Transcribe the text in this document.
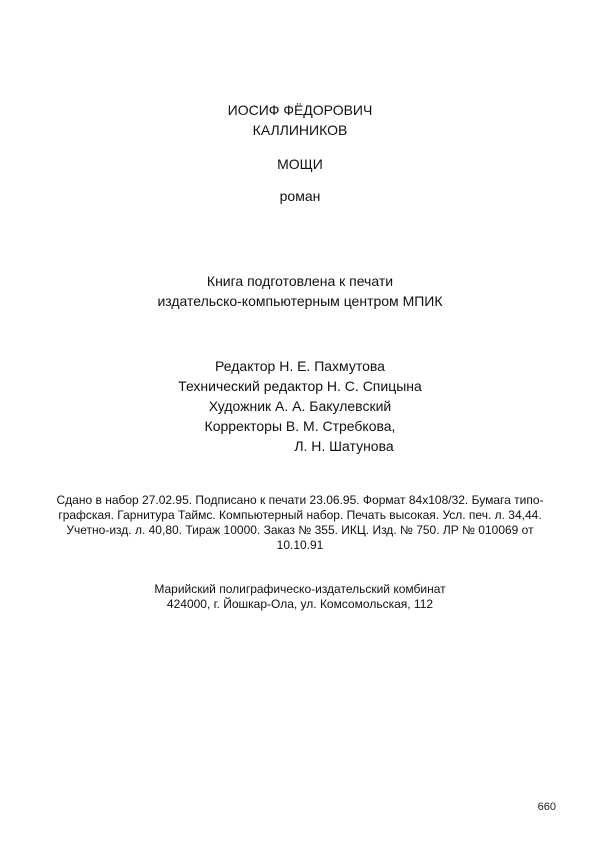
ИОСИФ ФЁДОРОВИЧ
КАЛЛИНИКОВ
МОЩИ
роман
Книга подготовлена к печати
издательско-компьютерным центром МПИК
Редактор Н. Е. Пахмутова
Технический редактор Н. С. Спицына
Художник А. А. Бакулевский
Корректоры В. М. Стребкова,
Л. Н. Шатунова
Сдано в набор 27.02.95. Подписано к печати 23.06.95. Формат 84х108/32. Бумага типо-
графская. Гарнитура Таймс. Компьютерный набор. Печать высокая. Усл. печ. л. 34,44.
Учетно-изд. л. 40,80. Тираж 10000. Заказ № 355. ИКЦ. Изд. № 750. ЛР № 010069 от
10.10.91
Марийский полиграфическо-издательский комбинат
424000, г. Йошкар-Ола, ул. Комсомольская, 112
660
